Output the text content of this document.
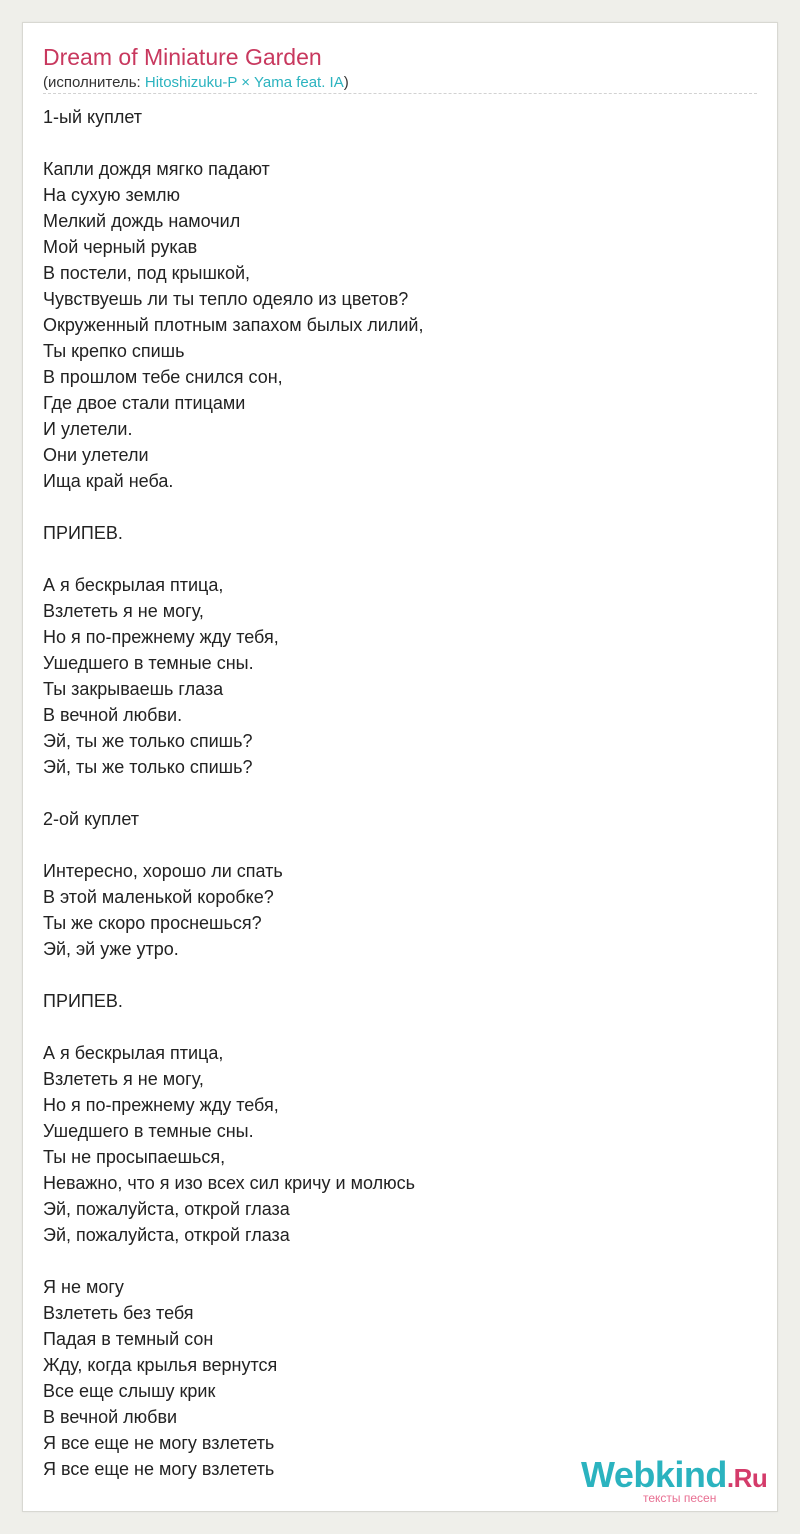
Dream of Miniature Garden
(исполнитель: Hitoshizuku-P × Yama feat. IA)
1-ый куплет
Капли дождя мягко падают
На сухую землю
Мелкий дождь намочил
Мой черный рукав
В постели, под крышкой,
Чувствуешь ли ты тепло одеяло из цветов?
Окруженный плотным запахом былых лилий,
Ты крепко спишь
В прошлом тебе снился сон,
Где двое стали птицами
И улетели.
Они улетели
Ища край неба.
ПРИПЕВ.
А я бескрылая птица,
Взлететь я не могу,
Но я по-прежнему жду тебя,
Ушедшего в темные сны.
Ты закрываешь глаза
В вечной любви.
Эй, ты же только спишь?
Эй, ты же только спишь?
2-ой куплет
Интересно, хорошо ли спать
В этой маленькой коробке?
Ты же скоро проснешься?
Эй, эй уже утро.
ПРИПЕВ.
А я бескрылая птица,
Взлететь я не могу,
Но я по-прежнему жду тебя,
Ушедшего в темные сны.
Ты не просыпаешься,
Неважно, что я изо всех сил кричу и молюсь
Эй, пожалуйста, открой глаза
Эй, пожалуйста, открой глаза
Я не могу
Взлететь без тебя
Падая в темный сон
Жду, когда крылья вернутся
Все еще слышу крик
В вечной любви
Я все еще не могу взлететь
Я все еще не могу взлететь	Webkind.Ru
тексты песен
